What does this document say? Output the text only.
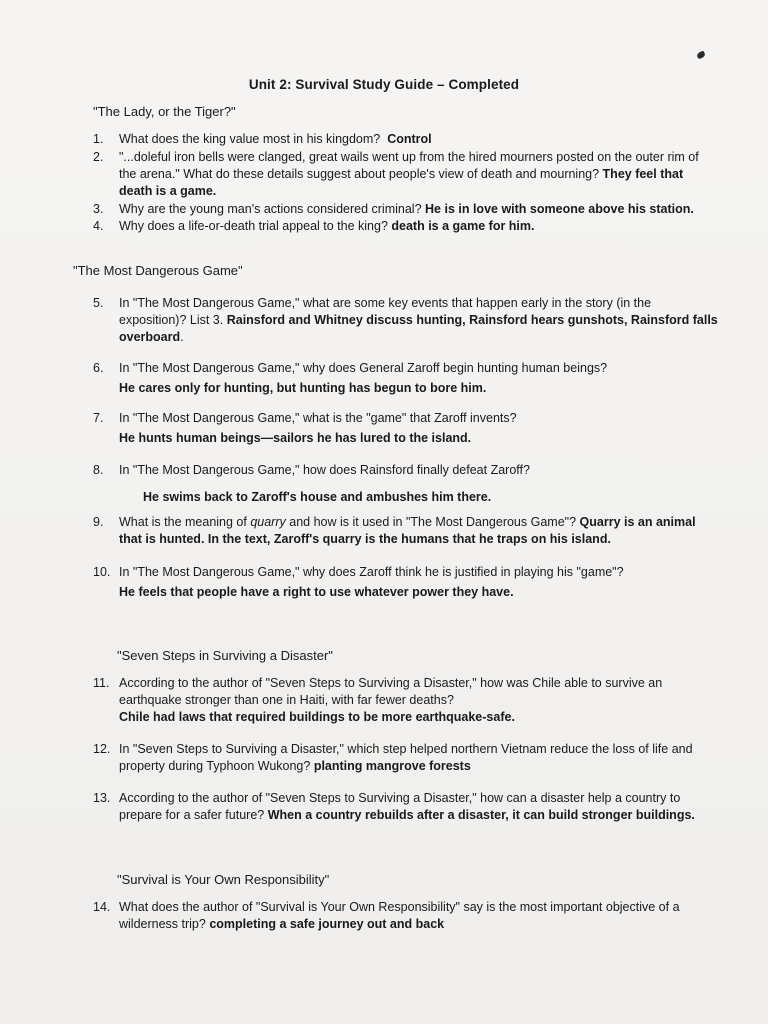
Unit 2: Survival Study Guide – Completed
"The Lady, or the Tiger?"
1. What does the king value most in his kingdom? Control
2. "...doleful iron bells were clanged, great wails went up from the hired mourners posted on the outer rim of the arena." What do these details suggest about people's view of death and mourning? They feel that death is a game.
3. Why are the young man's actions considered criminal? He is in love with someone above his station.
4. Why does a life-or-death trial appeal to the king? death is a game for him.
"The Most Dangerous Game"
5. In "The Most Dangerous Game," what are some key events that happen early in the story (in the exposition)? List 3. Rainsford and Whitney discuss hunting, Rainsford hears gunshots, Rainsford falls overboard.
6. In "The Most Dangerous Game," why does General Zaroff begin hunting human beings?
He cares only for hunting, but hunting has begun to bore him.
7. In "The Most Dangerous Game," what is the "game" that Zaroff invents?
He hunts human beings—sailors he has lured to the island.
8. In "The Most Dangerous Game," how does Rainsford finally defeat Zaroff?
He swims back to Zaroff's house and ambushes him there.
9. What is the meaning of quarry and how is it used in "The Most Dangerous Game"? Quarry is an animal that is hunted. In the text, Zaroff's quarry is the humans that he traps on his island.
10. In "The Most Dangerous Game," why does Zaroff think he is justified in playing his "game"?
He feels that people have a right to use whatever power they have.
"Seven Steps in Surviving a Disaster"
11. According to the author of "Seven Steps to Surviving a Disaster," how was Chile able to survive an earthquake stronger than one in Haiti, with far fewer deaths?
Chile had laws that required buildings to be more earthquake-safe.
12. In "Seven Steps to Surviving a Disaster," which step helped northern Vietnam reduce the loss of life and property during Typhoon Wukong? planting mangrove forests
13. According to the author of "Seven Steps to Surviving a Disaster," how can a disaster help a country to prepare for a safer future? When a country rebuilds after a disaster, it can build stronger buildings.
"Survival is Your Own Responsibility"
14. What does the author of "Survival is Your Own Responsibility" say is the most important objective of a wilderness trip? completing a safe journey out and back
